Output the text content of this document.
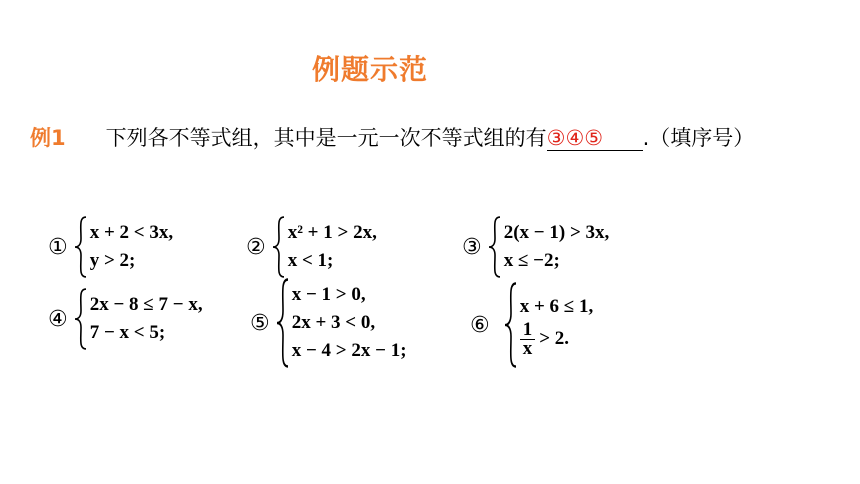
例题示范
例1 下列各不等式组，其中是一元一次不等式组的有③④⑤ .（填序号）
①
x + 2 < 3x,
y > 2;
②
x² + 1 > 2x,
x < 1;
③
2(x − 1) > 3x,
x ≤ −2;
④
2x − 8 ≤ 7 − x,
7 − x < 5;	⑤
x − 1 > 0,
2x + 3 < 0,
x − 4 > 2x − 1;
⑥
x + 6 ≤ 1,
$\frac{1}{x} > 2$.
